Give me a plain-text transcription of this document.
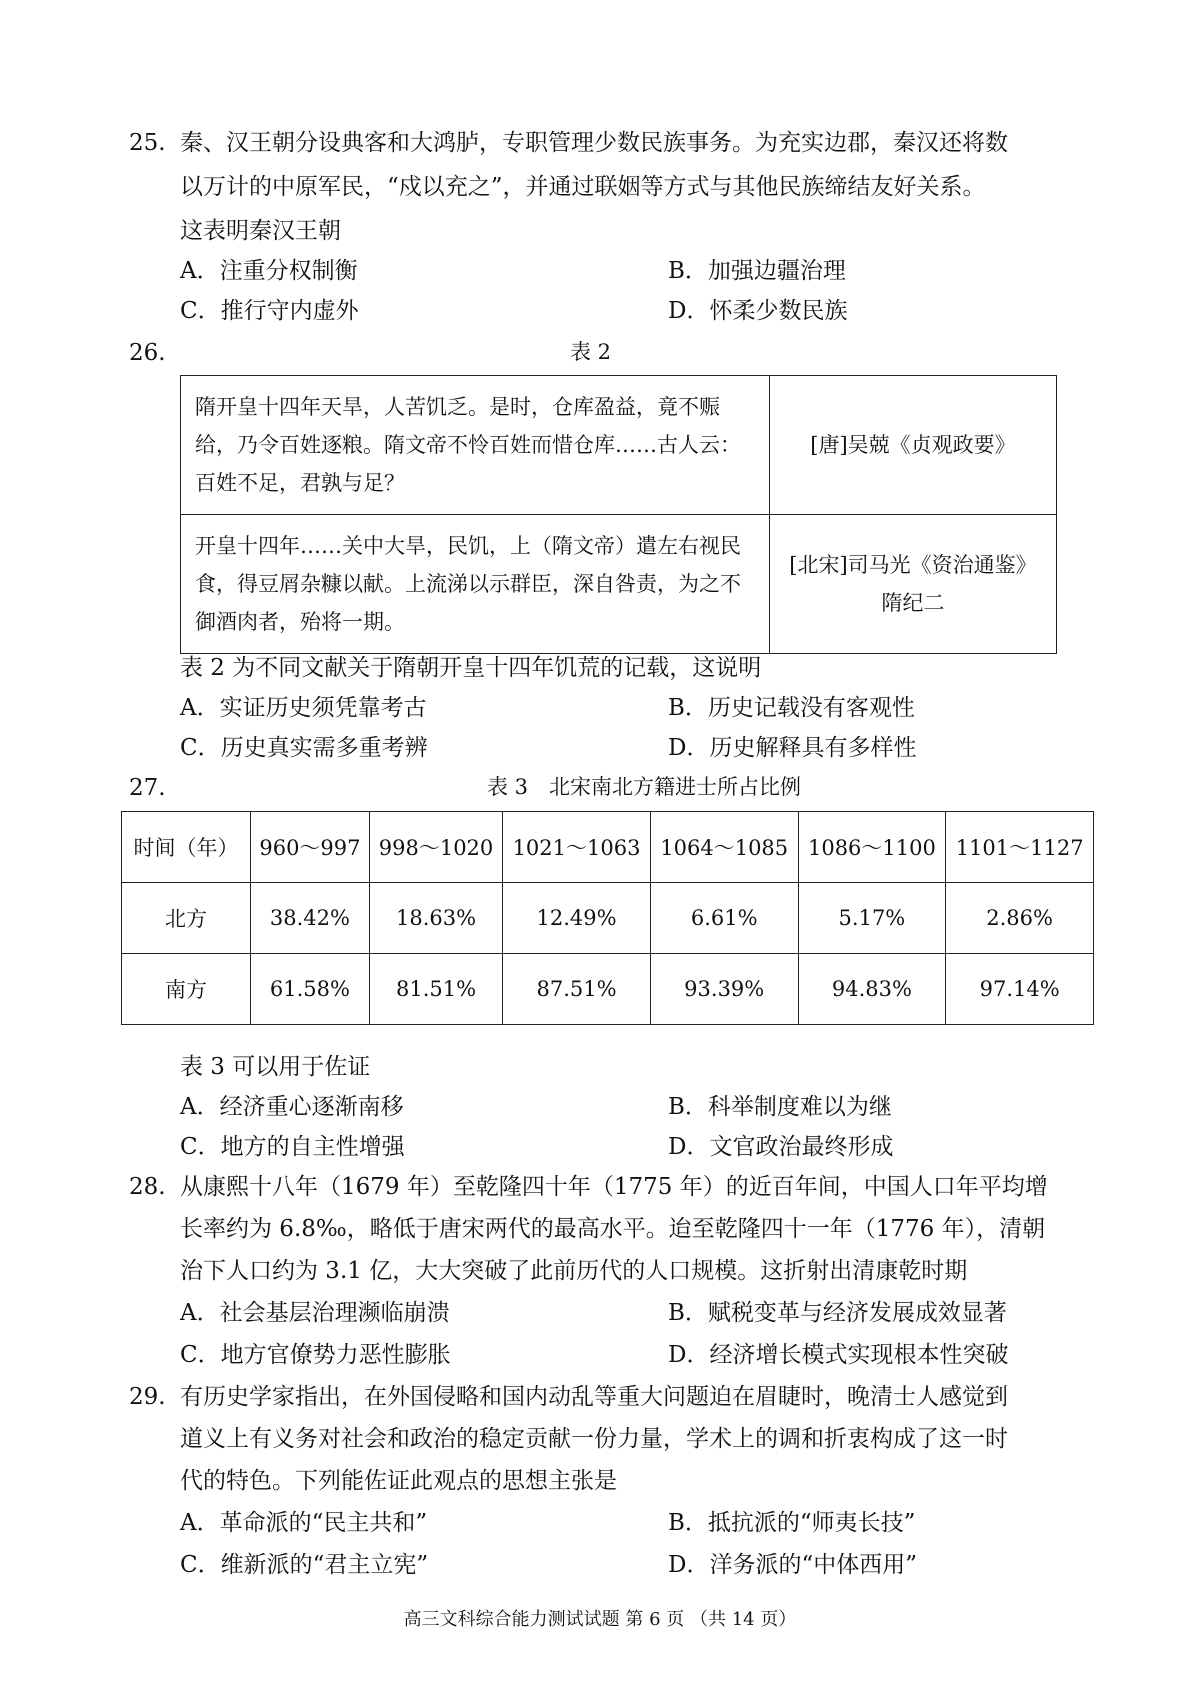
25. 秦、汉王朝分设典客和大鸿胪，专职管理少数民族事务。为充实边郡，秦汉还将数
以万计的中原军民，“戍以充之”，并通过联姻等方式与其他民族缔结友好关系。
这表明秦汉王朝
A．注重分权制衡	B．加强边疆治理
C．推行守内虚外	D．怀柔少数民族
26.	表 2
隋开皇十四年天旱，人苦饥乏。是时，仓库盈益，竟不赈给，乃令百姓逐粮。隋文帝不怜百姓而惜仓库……古人云：百姓不足，君孰与足？	[唐]吴兢《贞观政要》
开皇十四年……关中大旱，民饥，上（隋文帝）遣左右视民食，得豆屑杂糠以献。上流涕以示群臣，深自咎责，为之不御酒肉者，殆将一期。	[北宋]司马光《资治通鉴》
隋纪二
表 2 为不同文献关于隋朝开皇十四年饥荒的记载，这说明
A．实证历史须凭靠考古	B．历史记载没有客观性
C．历史真实需多重考辨	D．历史解释具有多样性
27.	表 3　北宋南北方籍进士所占比例
时间（年）	960～997	998～1020	1021～1063	1064～1085	1086～1100	1101～1127
北方	38.42%	18.63%	12.49%	6.61%	5.17%	2.86%
南方	61.58%	81.51%	87.51%	93.39%	94.83%	97.14%
表 3 可以用于佐证
A．经济重心逐渐南移	B．科举制度难以为继
C．地方的自主性增强	D．文官政治最终形成
28. 从康熙十八年（1679 年）至乾隆四十年（1775 年）的近百年间，中国人口年平均增
长率约为 6.8‰，略低于唐宋两代的最高水平。迨至乾隆四十一年（1776 年），清朝
治下人口约为 3.1 亿，大大突破了此前历代的人口规模。这折射出清康乾时期
A．社会基层治理濒临崩溃	B．赋税变革与经济发展成效显著
C．地方官僚势力恶性膨胀	D．经济增长模式实现根本性突破
29. 有历史学家指出，在外国侵略和国内动乱等重大问题迫在眉睫时，晚清士人感觉到
道义上有义务对社会和政治的稳定贡献一份力量，学术上的调和折衷构成了这一时
代的特色。下列能佐证此观点的思想主张是
A．革命派的“民主共和”	B．抵抗派的“师夷长技”
C．维新派的“君主立宪”	D．洋务派的“中体西用”
高三文科综合能力测试试题 第 6 页 （共 14 页）
